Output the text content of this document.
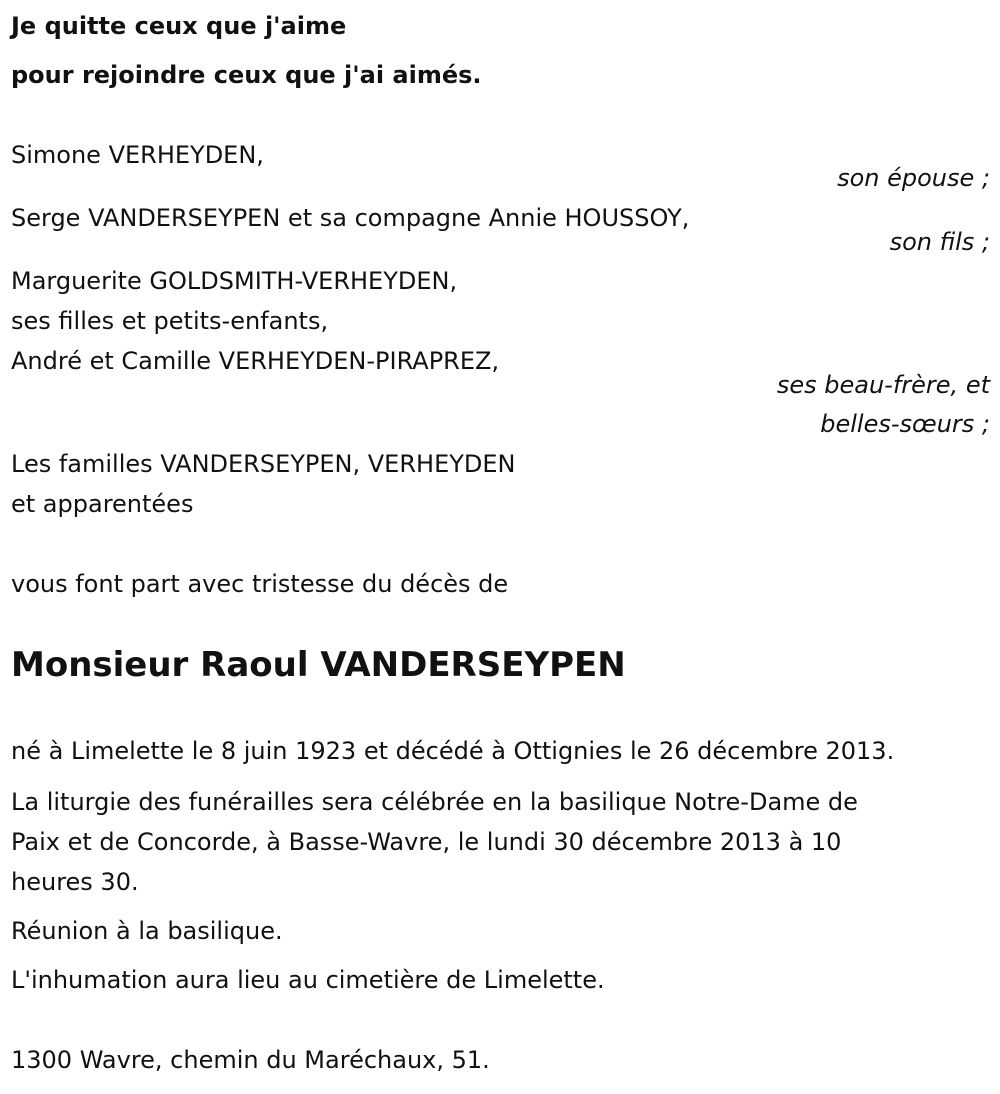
Je quitte ceux que j'aime
pour rejoindre ceux que j'ai aimés.
Simone VERHEYDEN,
son épouse ;
Serge VANDERSEYPEN et sa compagne Annie HOUSSOY,
son fils ;
Marguerite GOLDSMITH-VERHEYDEN,
ses filles et petits-enfants,
André et Camille VERHEYDEN-PIRAPREZ,
ses beau-frère, et
belles-sœurs ;
Les familles VANDERSEYPEN, VERHEYDEN
et apparentées
vous font part avec tristesse du décès de
Monsieur Raoul VANDERSEYPEN
né à Limelette le 8 juin 1923 et décédé à Ottignies le 26 décembre 2013.
La liturgie des funérailles sera célébrée en la basilique Notre-Dame de
Paix et de Concorde, à Basse-Wavre, le lundi 30 décembre 2013 à 10
heures 30.
Réunion à la basilique.
L'inhumation aura lieu au cimetière de Limelette.
1300 Wavre, chemin du Maréchaux, 51.
